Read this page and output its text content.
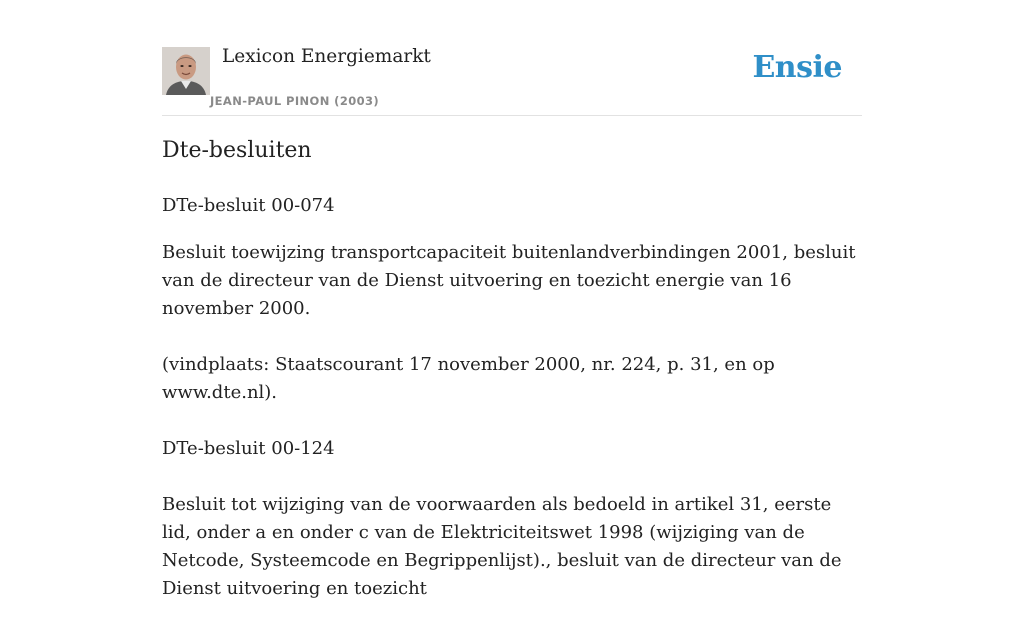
Lexicon Energiemarkt
JEAN-PAUL PINON (2003)
Ensie
Dte-besluiten

DTe-besluit 00-074

Besluit toewijzing transportcapaciteit buitenlandverbindingen 2001, besluit van de directeur van de Dienst uitvoering en toezicht energie van 16 november 2000.

(vindplaats: Staatscourant 17 november 2000, nr. 224, p. 31, en op www.dte.nl).

DTe-besluit 00-124

Besluit tot wijziging van de voorwaarden als bedoeld in artikel 31, eerste lid, onder a en onder c van de Elektriciteitswet 1998 (wijziging van de Netcode, Systeemcode en Begrippenlijst)., besluit van de directeur van de Dienst uitvoering en toezicht
